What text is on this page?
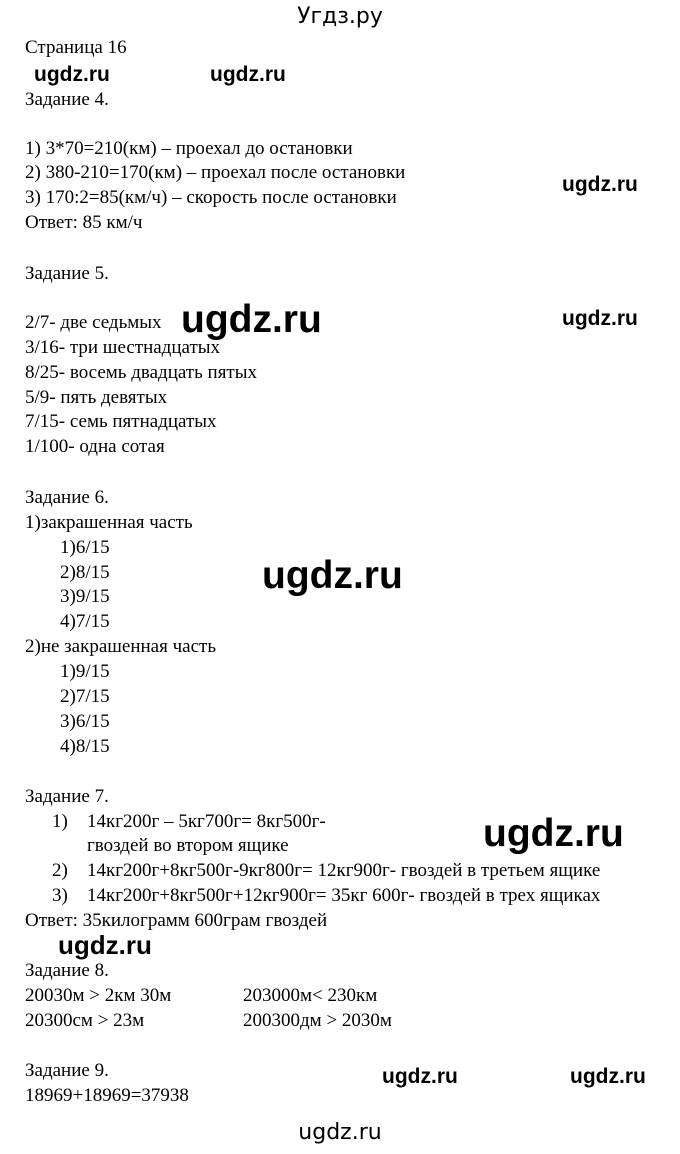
Угдз.ру
Страница 16
Задание 4.
1) 3*70=210(км) – проехал до остановки
2) 380-210=170(км) – проехал после остановки
3) 170:2=85(км/ч) – скорость после остановки
Ответ: 85 км/ч
Задание 5.
2/7- две седьмых
3/16- три шестнадцатых
8/25- восемь двадцать пятых
5/9- пять девятых
7/15- семь пятнадцатых
1/100- одна сотая
Задание 6.
1)закрашенная часть
1)6/15
2)8/15
3)9/15
4)7/15
2)не закрашенная часть
1)9/15
2)7/15
3)6/15
4)8/15
Задание 7.
1) 14кг200г – 5кг700г= 8кг500г-
гвоздей во втором ящике
2) 14кг200г+8кг500г-9кг800г= 12кг900г- гвоздей в третьем ящике
3) 14кг200г+8кг500г+12кг900г= 35кг 600г- гвоздей в трех ящиках
Ответ: 35килограмм 600грам гвоздей
Задание 8.
20030м > 2км 30м	203000м< 230км
20300см > 23м	200300дм > 2030м
Задание 9.
18969+18969=37938
ugdz.ru	ugdz.ru
ugdz.ru
ugdz.ru	ugdz.ru
ugdz.ru
ugdz.ru
ugdz.ru
ugdz.ru	ugdz.ru
ugdz.ru
